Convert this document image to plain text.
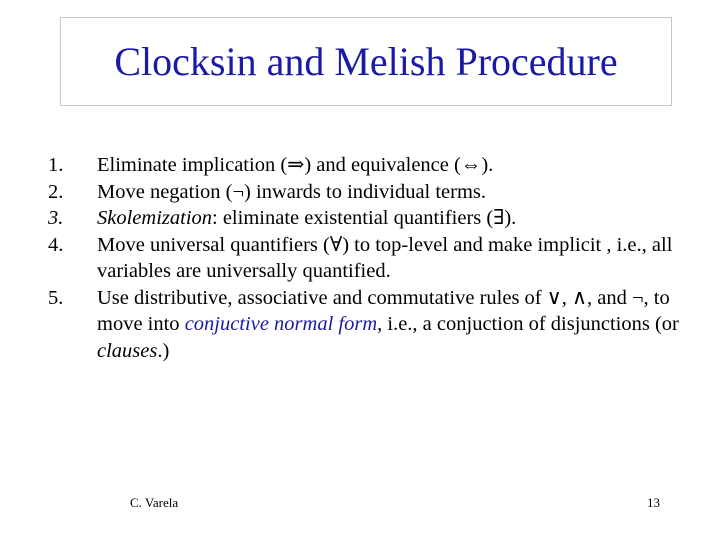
Clocksin and Melish Procedure
1. Eliminate implication (⇒) and equivalence (⇔).
2. Move negation (¬) inwards to individual terms.
3. Skolemization: eliminate existential quantifiers (∃).
4. Move universal quantifiers (∀) to top-level and make implicit , i.e., all variables are universally quantified.
5. Use distributive, associative and commutative rules of ∨, ∧, and ¬, to move into conjuctive normal form, i.e., a conjuction of disjunctions (or clauses.)
C. Varela	13
